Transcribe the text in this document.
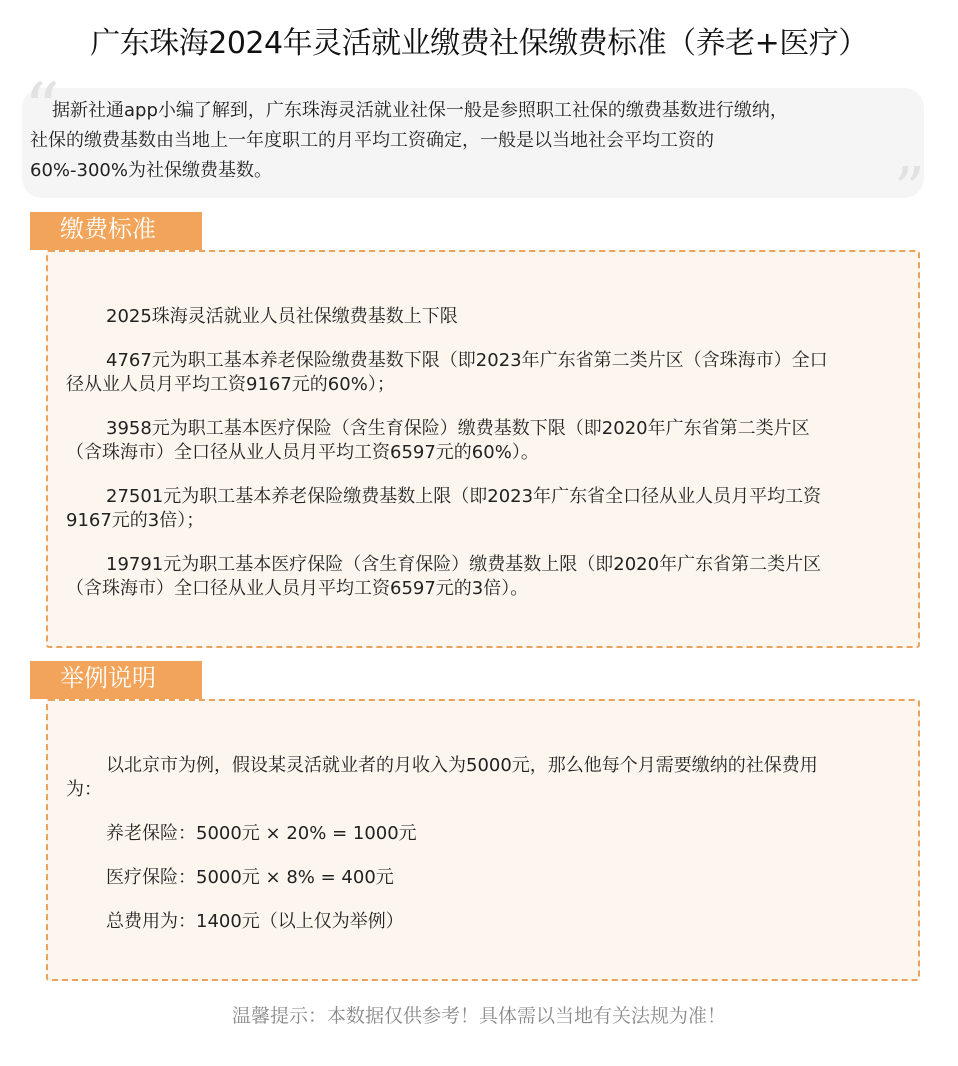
广东珠海2024年灵活就业缴费社保缴费标准（养老+医疗）
“
”
据新社通app小编了解到，广东珠海灵活就业社保一般是参照职工社保的缴费基数进行缴纳，
社保的缴费基数由当地上一年度职工的月平均工资确定，一般是以当地社会平均工资的
60%-300%为社保缴费基数。
缴费标准
2025珠海灵活就业人员社保缴费基数上下限
4767元为职工基本养老保险缴费基数下限（即2023年广东省第二类片区（含珠海市）全口
径从业人员月平均工资9167元的60%）；
3958元为职工基本医疗保险（含生育保险）缴费基数下限（即2020年广东省第二类片区
（含珠海市）全口径从业人员月平均工资6597元的60%）。
27501元为职工基本养老保险缴费基数上限（即2023年广东省全口径从业人员月平均工资
9167元的3倍）；
19791元为职工基本医疗保险（含生育保险）缴费基数上限（即2020年广东省第二类片区
（含珠海市）全口径从业人员月平均工资6597元的3倍）。
举例说明
以北京市为例，假设某灵活就业者的月收入为5000元，那么他每个月需要缴纳的社保费用
为：
养老保险：5000元 × 20% = 1000元
医疗保险：5000元 × 8% = 400元
总费用为：1400元（以上仅为举例）
温馨提示：本数据仅供参考！具体需以当地有关法规为准！
